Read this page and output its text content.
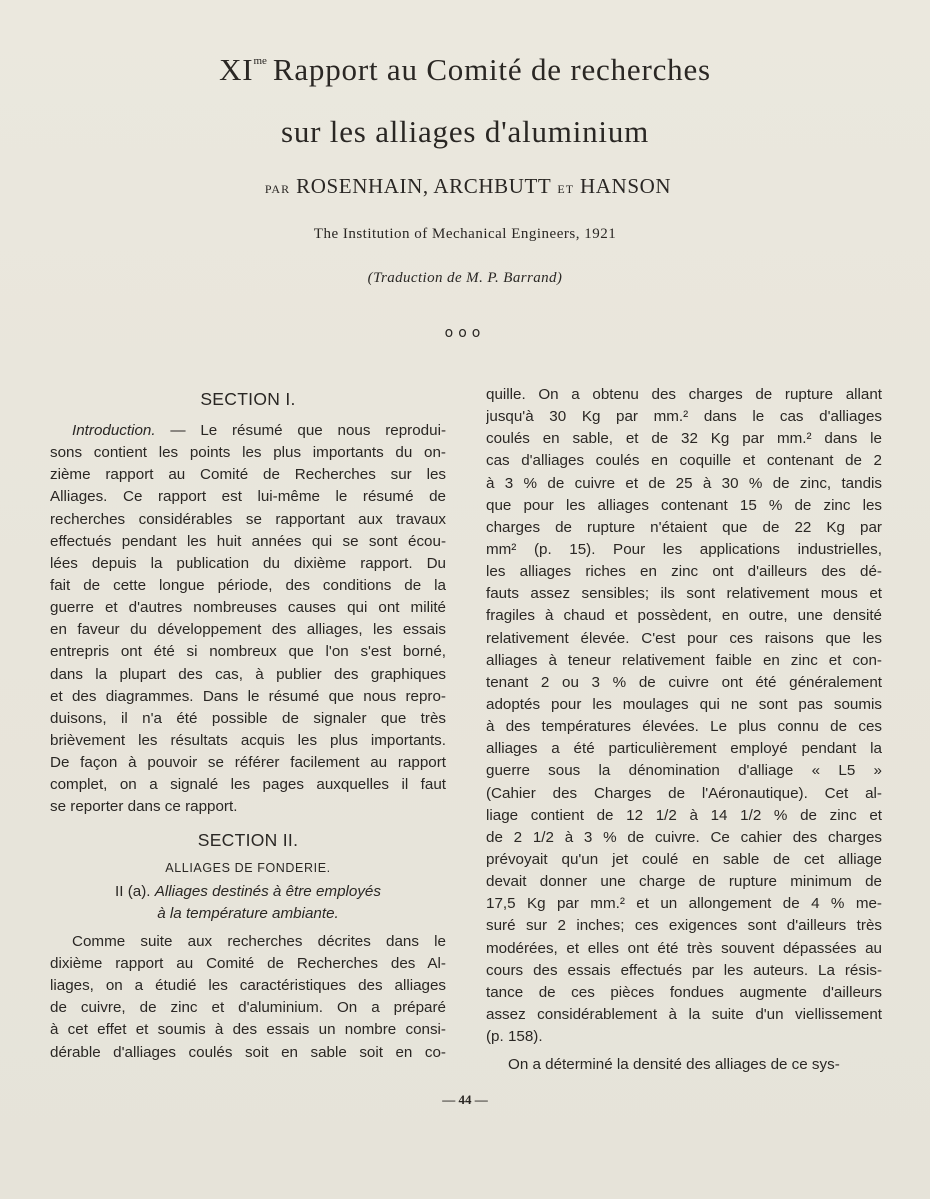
$XI^{me}$ Rapport au Comité de recherches
sur les alliages d'aluminium
PAR ROSENHAIN, ARCHBUTT ET HANSON
The Institution of Mechanical Engineers, 1921
(Traduction de M. P. Barrand)
ooo
SECTION I.
Introduction. — Le résumé que nous reprodui-
sons contient les points les plus importants du on-
zième rapport au Comité de Recherches sur les
Alliages. Ce rapport est lui-même le résumé de
recherches considérables se rapportant aux travaux
effectués pendant les huit années qui se sont écou-
lées depuis la publication du dixième rapport. Du
fait de cette longue période, des conditions de la
guerre et d'autres nombreuses causes qui ont milité
en faveur du développement des alliages, les essais
entrepris ont été si nombreux que l'on s'est borné,
dans la plupart des cas, à publier des graphiques
et des diagrammes. Dans le résumé que nous repro-
duisons, il n'a été possible de signaler que très
brièvement les résultats acquis les plus importants.
De façon à pouvoir se référer facilement au rapport
complet, on a signalé les pages auxquelles il faut
se reporter dans ce rapport.
SECTION II.
ALLIAGES DE FONDERIE.
II (a). Alliages destinés à être employés
à la température ambiante.
Comme suite aux recherches décrites dans le
dixième rapport au Comité de Recherches des Al-
liages, on a étudié les caractéristiques des alliages
de cuivre, de zinc et d'aluminium. On a préparé
à cet effet et soumis à des essais un nombre consi-
dérable d'alliages coulés soit en sable soit en co-
quille. On a obtenu des charges de rupture allant
jusqu'à 30 Kg par mm.² dans le cas d'alliages
coulés en sable, et de 32 Kg par mm.² dans le
cas d'alliages coulés en coquille et contenant de 2
à 3 % de cuivre et de 25 à 30 % de zinc, tandis
que pour les alliages contenant 15 % de zinc les
charges de rupture n'étaient que de 22 Kg par
mm² (p. 15). Pour les applications industrielles,
les alliages riches en zinc ont d'ailleurs des dé-
fauts assez sensibles; ils sont relativement mous et
fragiles à chaud et possèdent, en outre, une densité
relativement élevée. C'est pour ces raisons que les
alliages à teneur relativement faible en zinc et con-
tenant 2 ou 3 % de cuivre ont été généralement
adoptés pour les moulages qui ne sont pas soumis
à des températures élevées. Le plus connu de ces
alliages a été particulièrement employé pendant la
guerre sous la dénomination d'alliage « L5 »
(Cahier des Charges de l'Aéronautique). Cet al-
liage contient de 12 1/2 à 14 1/2 % de zinc et
de 2 1/2 à 3 % de cuivre. Ce cahier des charges
prévoyait qu'un jet coulé en sable de cet alliage
devait donner une charge de rupture minimum de
17,5 Kg par mm.² et un allongement de 4 % me-
suré sur 2 inches; ces exigences sont d'ailleurs très
modérées, et elles ont été très souvent dépassées au
cours des essais effectués par les auteurs. La résis-
tance de ces pièces fondues augmente d'ailleurs
assez considérablement à la suite d'un viellissement
(p. 158).
On a déterminé la densité des alliages de ce sys-
— 44 —
